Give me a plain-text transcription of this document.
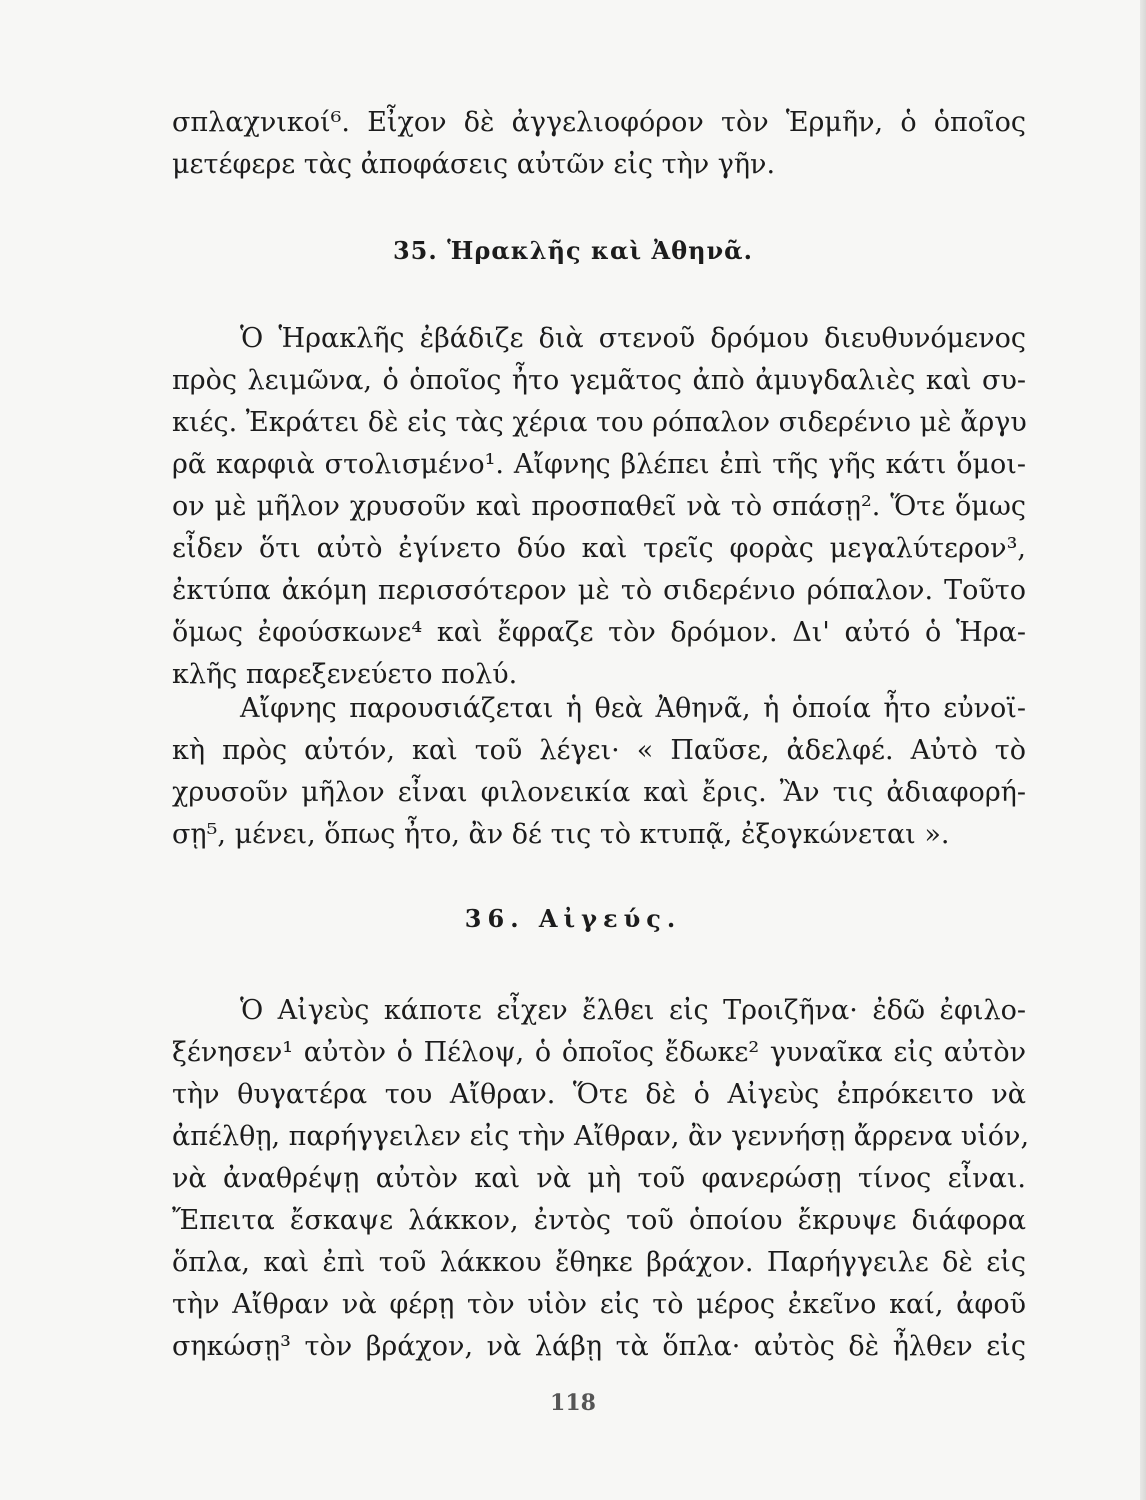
σπλαχνικοί⁶. Εἶχον δὲ ἀγγελιοφόρον τὸν Ἑρμῆν, ὁ ὁποῖος
μετέφερε τὰς ἀποφάσεις αὐτῶν εἰς τὴν γῆν.
35. Ἡρακλῆς καὶ Ἀθηνᾶ.
Ὁ Ἡρακλῆς ἐβάδιζε διὰ στενοῦ δρόμου διευθυνόμενος
πρὸς λειμῶνα, ὁ ὁποῖος ἦτο γεμᾶτος ἀπὸ ἀμυγδαλιὲς καὶ συ-
κιές. Ἐκράτει δὲ εἰς τὰς χέρια του ρόπαλον σιδερένιο μὲ ἄργυ
ρᾶ καρφιὰ στολισμένο¹. Αἴφνης βλέπει ἐπὶ τῆς γῆς κάτι ὅμοι-
ον μὲ μῆλον χρυσοῦν καὶ προσπαθεῖ νὰ τὸ σπάσῃ². Ὅτε ὅμως
εἶδεν ὅτι αὐτὸ ἐγίνετο δύο καὶ τρεῖς φορὰς μεγαλύτερον³,
ἐκτύπα ἀκόμη περισσότερον μὲ τὸ σιδερένιο ρόπαλον. Τοῦτο
ὅμως ἐφούσκωνε⁴ καὶ ἔφραζε τὸν δρόμον. Δι' αὐτό ὁ Ἡρα-
κλῆς παρεξενεύετο πολύ.
Αἴφνης παρουσιάζεται ἡ θεὰ Ἀθηνᾶ, ἡ ὁποία ἦτο εὐνοϊ-
κὴ πρὸς αὐτόν, καὶ τοῦ λέγει· « Παῦσε, ἀδελφέ. Αὐτὸ τὸ
χρυσοῦν μῆλον εἶναι φιλονεικία καὶ ἔρις. Ἂν τις ἀδιαφορή-
σῃ⁵, μένει, ὅπως ἦτο, ἂν δέ τις τὸ κτυπᾷ, ἐξογκώνεται ».
36. Αἰγεύς.
Ὁ Αἰγεὺς κάποτε εἶχεν ἔλθει εἰς Τροιζῆνα· ἐδῶ ἐφιλο-
ξένησεν¹ αὐτὸν ὁ Πέλοψ, ὁ ὁποῖος ἔδωκε² γυναῖκα εἰς αὐτὸν
τὴν θυγατέρα του Αἴθραν. Ὅτε δὲ ὁ Αἰγεὺς ἐπρόκειτο νὰ
ἀπέλθῃ, παρήγγειλεν εἰς τὴν Αἴθραν, ἂν γεννήσῃ ἄρρενα υἱόν,
νὰ ἀναθρέψῃ αὐτὸν καὶ νὰ μὴ τοῦ φανερώσῃ τίνος εἶναι.
Ἔπειτα ἔσκαψε λάκκον, ἐντὸς τοῦ ὁποίου ἔκρυψε διάφορα
ὅπλα, καὶ ἐπὶ τοῦ λάκκου ἔθηκε βράχον. Παρήγγειλε δὲ εἰς
τὴν Αἴθραν νὰ φέρῃ τὸν υἱὸν εἰς τὸ μέρος ἐκεῖνο καί, ἀφοῦ
σηκώσῃ³ τὸν βράχον, νὰ λάβῃ τὰ ὅπλα· αὐτὸς δὲ ἦλθεν εἰς
118
